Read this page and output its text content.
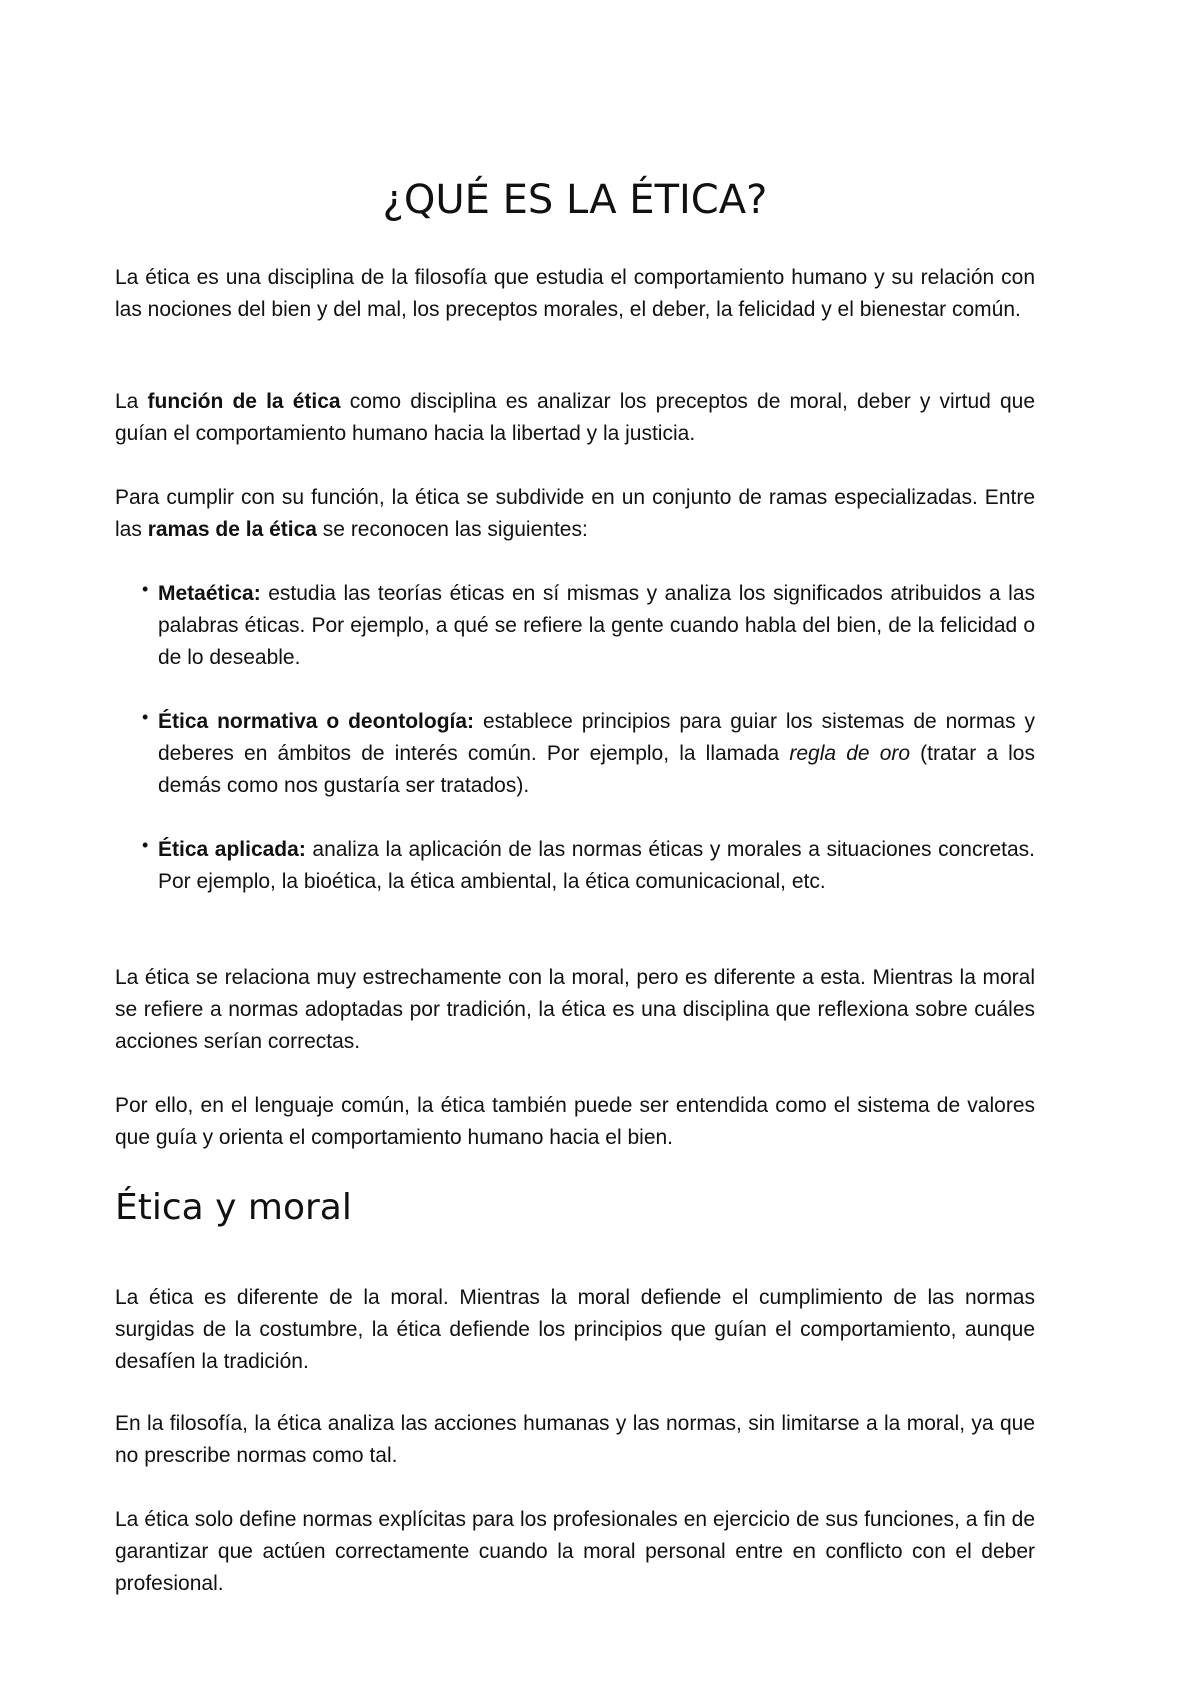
¿QUÉ ES LA ÉTICA?

La ética es una disciplina de la filosofía que estudia el comportamiento humano y su relación con las nociones del bien y del mal, los preceptos morales, el deber, la felicidad y el bienestar común.

La función de la ética como disciplina es analizar los preceptos de moral, deber y virtud que guían el comportamiento humano hacia la libertad y la justicia.

Para cumplir con su función, la ética se subdivide en un conjunto de ramas especializadas. Entre las ramas de la ética se reconocen las siguientes:

• Metaética: estudia las teorías éticas en sí mismas y analiza los significados atribuidos a las palabras éticas. Por ejemplo, a qué se refiere la gente cuando habla del bien, de la felicidad o de lo deseable.
• Ética normativa o deontología: establece principios para guiar los sistemas de normas y deberes en ámbitos de interés común. Por ejemplo, la llamada regla de oro (tratar a los demás como nos gustaría ser tratados).
• Ética aplicada: analiza la aplicación de las normas éticas y morales a situaciones concretas. Por ejemplo, la bioética, la ética ambiental, la ética comunicacional, etc.

La ética se relaciona muy estrechamente con la moral, pero es diferente a esta. Mientras la moral se refiere a normas adoptadas por tradición, la ética es una disciplina que reflexiona sobre cuáles acciones serían correctas.

Por ello, en el lenguaje común, la ética también puede ser entendida como el sistema de valores que guía y orienta el comportamiento humano hacia el bien.

Ética y moral

La ética es diferente de la moral. Mientras la moral defiende el cumplimiento de las normas surgidas de la costumbre, la ética defiende los principios que guían el comportamiento, aunque desafíen la tradición.

En la filosofía, la ética analiza las acciones humanas y las normas, sin limitarse a la moral, ya que no prescribe normas como tal.

La ética solo define normas explícitas para los profesionales en ejercicio de sus funciones, a fin de garantizar que actúen correctamente cuando la moral personal entre en conflicto con el deber profesional.
